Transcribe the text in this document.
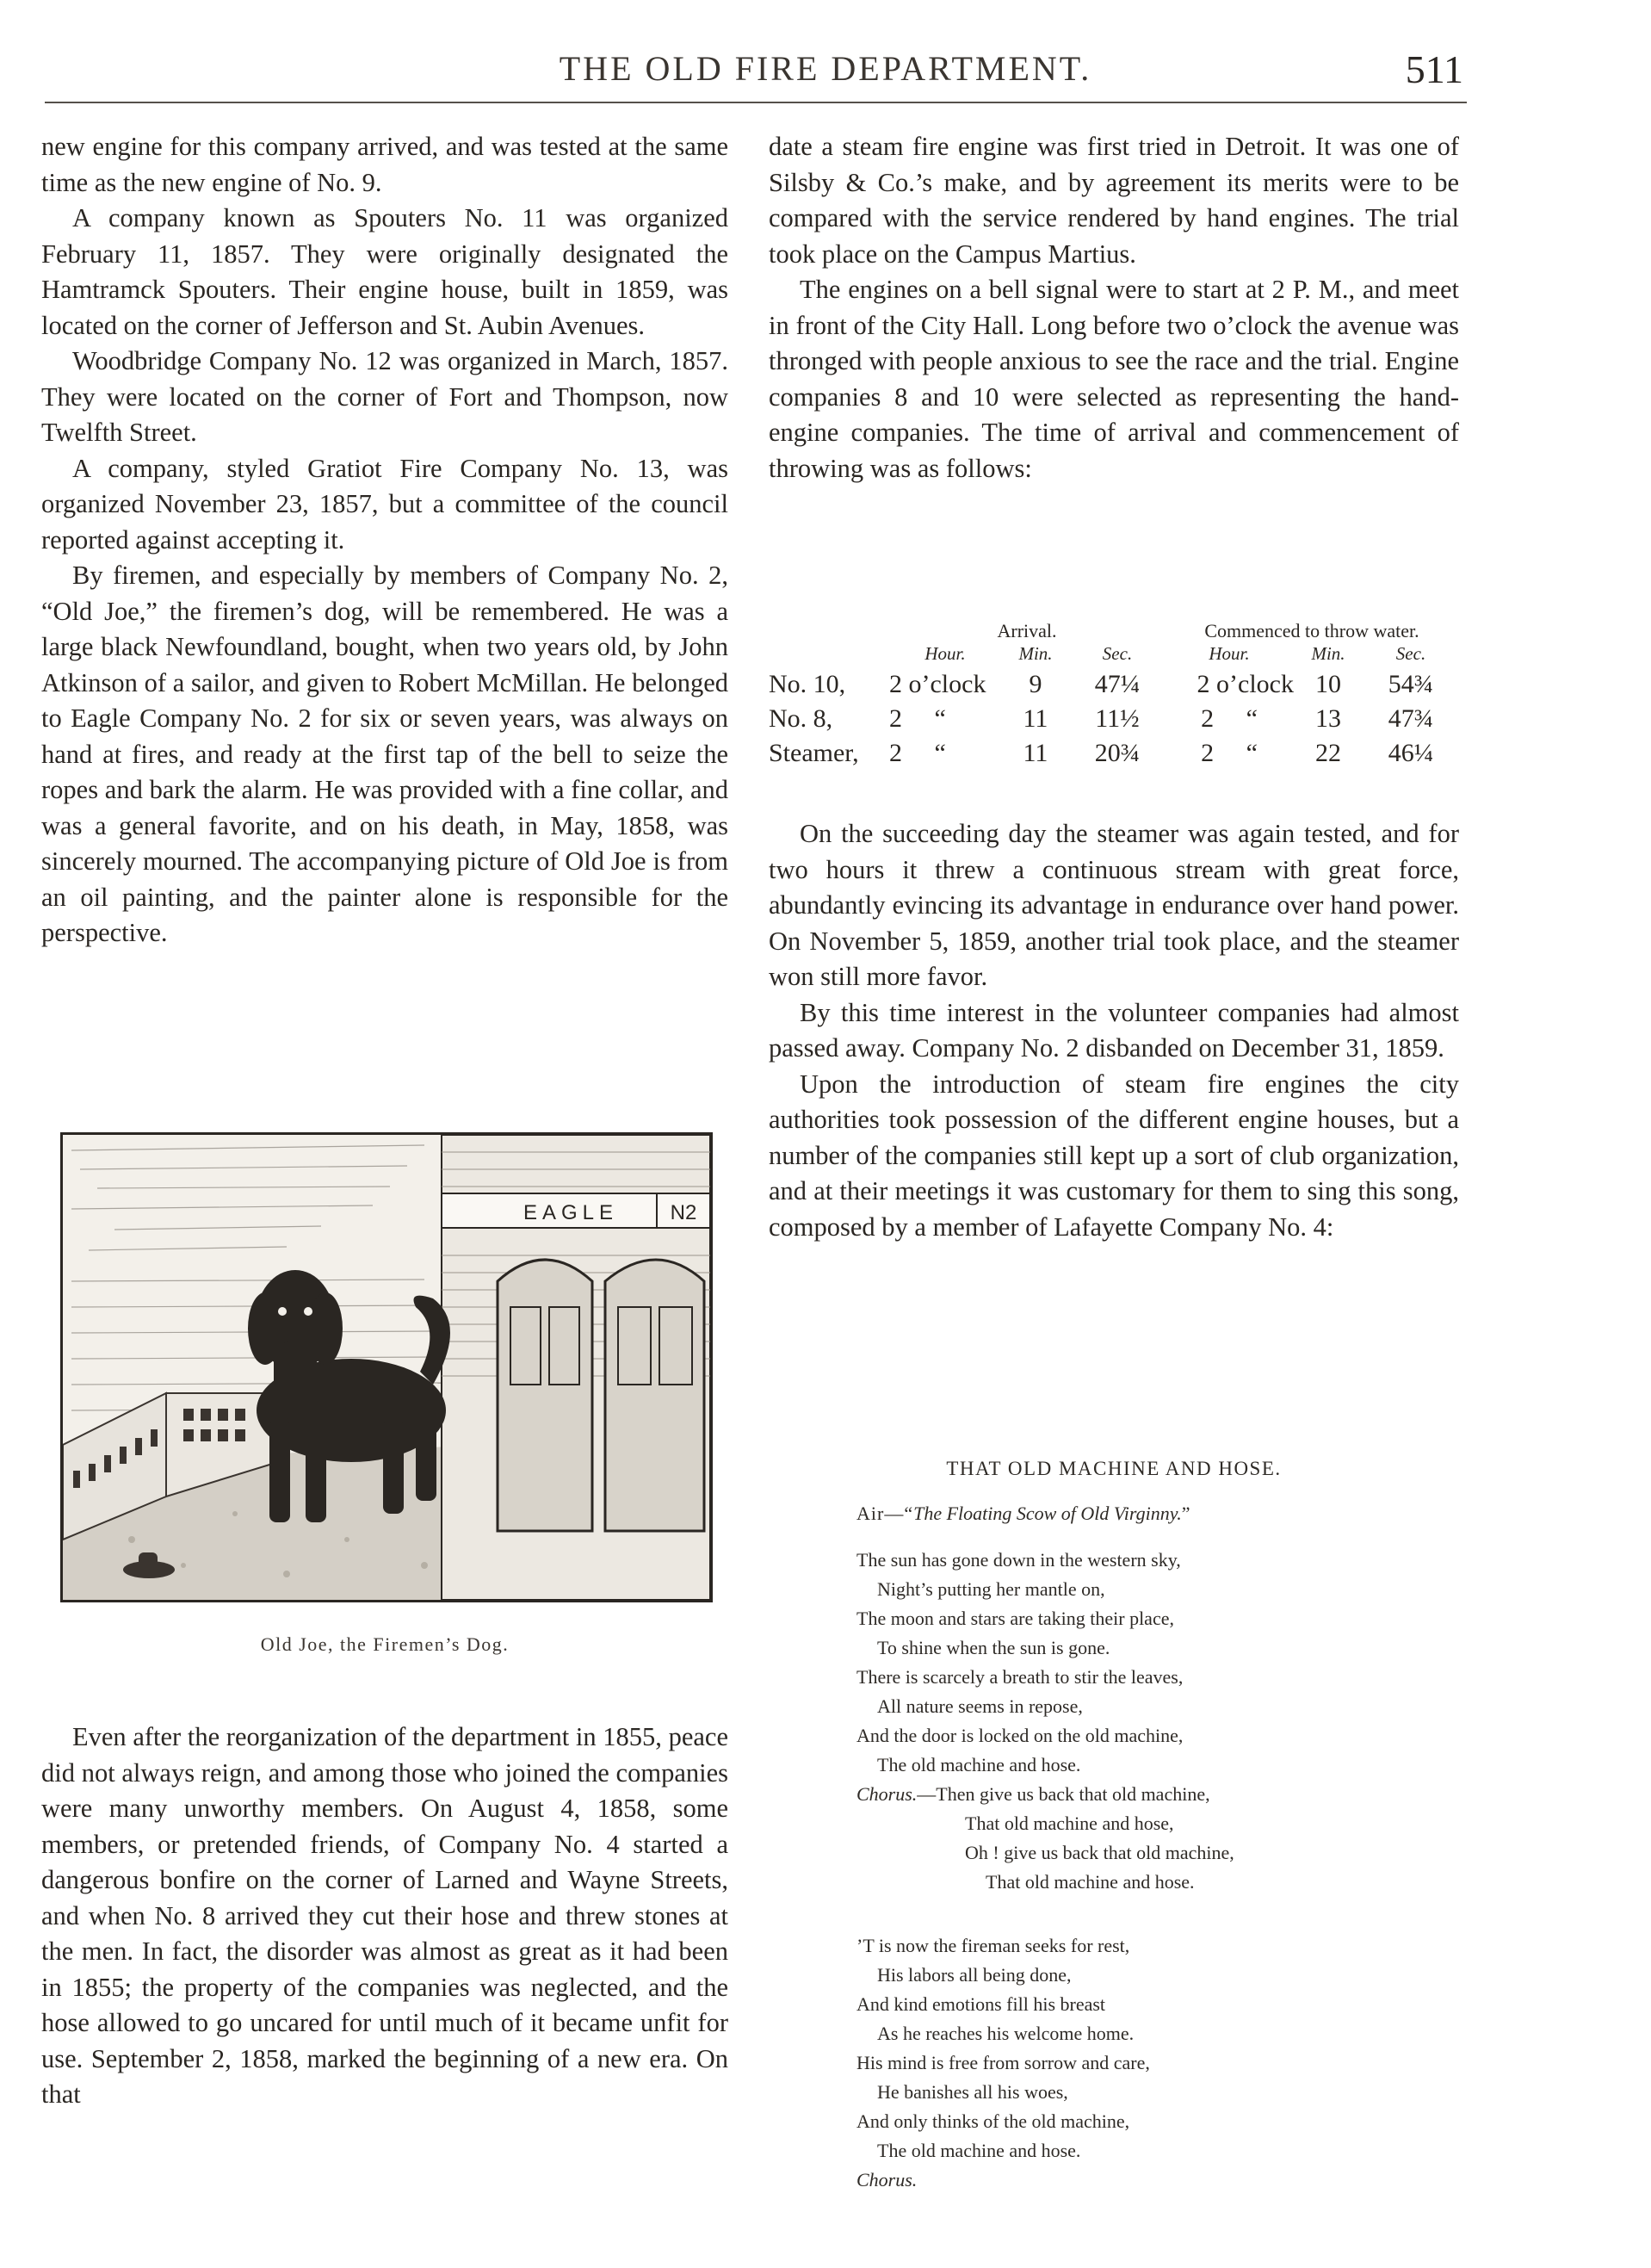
THE OLD FIRE DEPARTMENT.	511

new engine for this company arrived, and was tested at the same time as the new engine of No. 9.

A company known as Spouters No. 11 was organized February 11, 1857. They were originally designated the Hamtramck Spouters. Their engine house, built in 1859, was located on the corner of Jefferson and St. Aubin Avenues.

Woodbridge Company No. 12 was organized in March, 1857. They were located on the corner of Fort and Thompson, now Twelfth Street.

A company, styled Gratiot Fire Company No. 13, was organized November 23, 1857, but a committee of the council reported against accepting it.

By firemen, and especially by members of Company No. 2, “Old Joe,” the firemen’s dog, will be remembered. He was a large black Newfoundland, bought, when two years old, by John Atkinson of a sailor, and given to Robert McMillan. He belonged to Eagle Company No. 2 for six or seven years, was always on hand at fires, and ready at the first tap of the bell to seize the ropes and bark the alarm. He was provided with a fine collar, and was a general favorite, and on his death, in May, 1858, was sincerely mourned. The accompanying picture of Old Joe is from an oil painting, and the painter alone is responsible for the perspective.

EAGLE	N2
Old Joe, the Firemen’s Dog.

Even after the reorganization of the department in 1855, peace did not always reign, and among those who joined the companies were many unworthy members. On August 4, 1858, some members, or pretended friends, of Company No. 4 started a dangerous bonfire on the corner of Larned and Wayne Streets, and when No. 8 arrived they cut their hose and threw stones at the men. In fact, the disorder was almost as great as it had been in 1855; the property of the companies was neglected, and the hose allowed to go uncared for until much of it became unfit for use. September 2, 1858, marked the beginning of a new era. On that

date a steam fire engine was first tried in Detroit. It was one of Silsby & Co.’s make, and by agreement its merits were to be compared with the service rendered by hand engines. The trial took place on the Campus Martius.

The engines on a bell signal were to start at 2 P. M., and meet in front of the City Hall. Long before two o’clock the avenue was thronged with people anxious to see the race and the trial. Engine companies 8 and 10 were selected as representing the hand-engine companies. The time of arrival and commencement of throwing was as follows:

	Arrival.			Commenced to throw water.		
	Hour.	Min.	Sec.	Hour.	Min.	Sec.
No. 10,	2 o’clock	9	47¼	2 o’clock	10	54¾
No. 8,	2     “	11	11½	2     “	13	47¾
Steamer,	2     “	11	20¾	2     “	22	46¼

On the succeeding day the steamer was again tested, and for two hours it threw a continuous stream with great force, abundantly evincing its advantage in endurance over hand power. On November 5, 1859, another trial took place, and the steamer won still more favor.

By this time interest in the volunteer companies had almost passed away. Company No. 2 disbanded on December 31, 1859.

Upon the introduction of steam fire engines the city authorities took possession of the different engine houses, but a number of the companies still kept up a sort of club organization, and at their meetings it was customary for them to sing this song, composed by a member of Lafayette Company No. 4:

THAT OLD MACHINE AND HOSE.
Air—“The Floating Scow of Old Virginny.”
The sun has gone down in the western sky,
Night’s putting her mantle on,
The moon and stars are taking their place,
To shine when the sun is gone.
There is scarcely a breath to stir the leaves,
All nature seems in repose,
And the door is locked on the old machine,
The old machine and hose.
Chorus.—Then give us back that old machine,
That old machine and hose,
Oh ! give us back that old machine,
That old machine and hose.
’T is now the fireman seeks for rest,
His labors all being done,
And kind emotions fill his breast
As he reaches his welcome home.
His mind is free from sorrow and care,
He banishes all his woes,
And only thinks of the old machine,
The old machine and hose.
Chorus.
